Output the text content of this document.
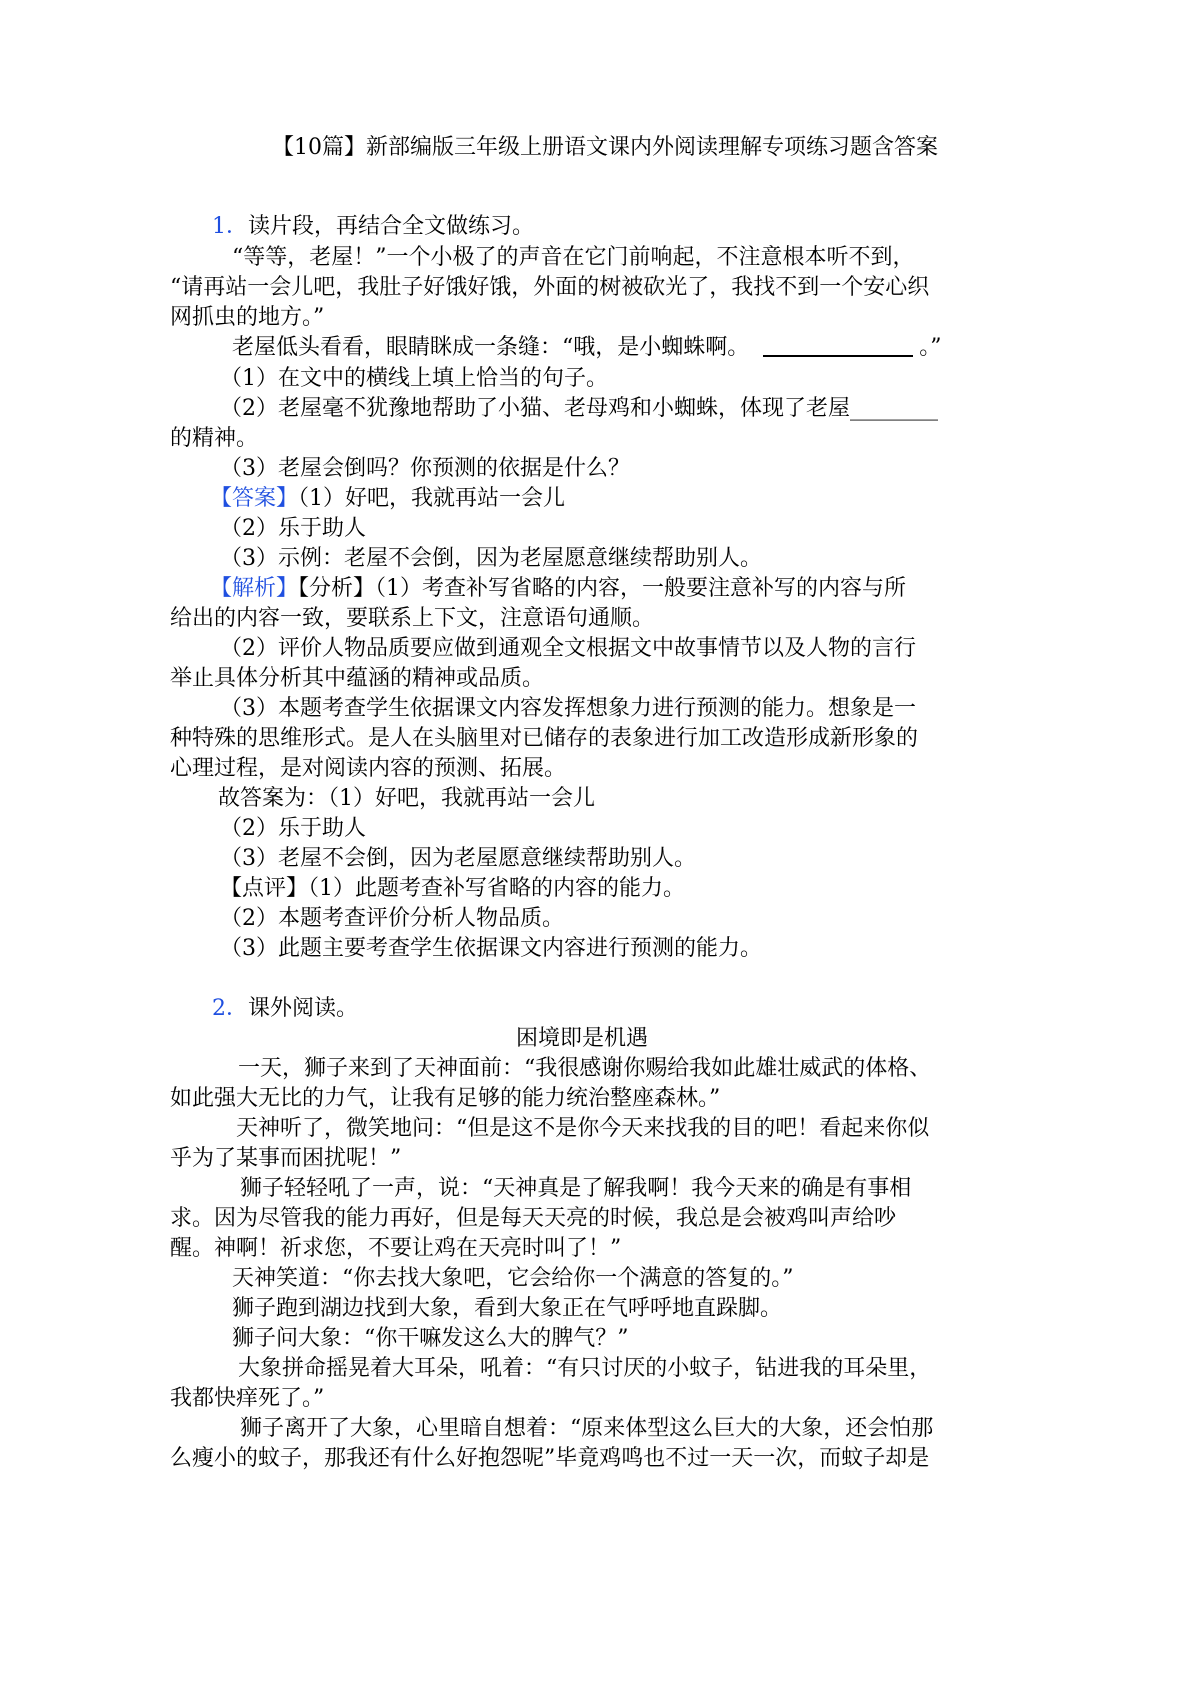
【10篇】新部编版三年级上册语文课内外阅读理解专项练习题含答案
1．读片段，再结合全文做练习。
“等等，老屋！”一个小极了的声音在它门前响起，不注意根本听不到，
“请再站一会儿吧，我肚子好饿好饿，外面的树被砍光了，我找不到一个安心织
网抓虫的地方。”
老屋低头看看，眼睛眯成一条缝：“哦，是小蜘蛛啊。	。”
（1）在文中的横线上填上恰当的句子。
（2）老屋毫不犹豫地帮助了小猫、老母鸡和小蜘蛛，体现了老屋________
的精神。
（3）老屋会倒吗？你预测的依据是什么？
【答案】（1）好吧，我就再站一会儿
（2）乐于助人
（3）示例：老屋不会倒，因为老屋愿意继续帮助别人。
【解析】【分析】（1）考查补写省略的内容，一般要注意补写的内容与所
给出的内容一致，要联系上下文，注意语句通顺。
（2）评价人物品质要应做到通观全文根据文中故事情节以及人物的言行
举止具体分析其中蕴涵的精神或品质。
（3）本题考查学生依据课文内容发挥想象力进行预测的能力。想象是一
种特殊的思维形式。是人在头脑里对已储存的表象进行加工改造形成新形象的
心理过程，是对阅读内容的预测、拓展。
故答案为：（1）好吧，我就再站一会儿
（2）乐于助人
（3）老屋不会倒，因为老屋愿意继续帮助别人。
【点评】（1）此题考查补写省略的内容的能力。
（2）本题考查评价分析人物品质。
（3）此题主要考查学生依据课文内容进行预测的能力。
2．课外阅读。
困境即是机遇
一天，狮子来到了天神面前：“我很感谢你赐给我如此雄壮威武的体格、
如此强大无比的力气，让我有足够的能力统治整座森林。”
天神听了，微笑地问：“但是这不是你今天来找我的目的吧！看起来你似
乎为了某事而困扰呢！”
狮子轻轻吼了一声，说：“天神真是了解我啊！我今天来的确是有事相
求。因为尽管我的能力再好，但是每天天亮的时候，我总是会被鸡叫声给吵
醒。神啊！祈求您，不要让鸡在天亮时叫了！”
天神笑道：“你去找大象吧，它会给你一个满意的答复的。”
狮子跑到湖边找到大象，看到大象正在气呼呼地直跺脚。
狮子问大象：“你干嘛发这么大的脾气？”
大象拼命摇晃着大耳朵，吼着：“有只讨厌的小蚊子，钻进我的耳朵里，
我都快痒死了。”
狮子离开了大象，心里暗自想着：“原来体型这么巨大的大象，还会怕那
么瘦小的蚊子，那我还有什么好抱怨呢”毕竟鸡鸣也不过一天一次，而蚊子却是
